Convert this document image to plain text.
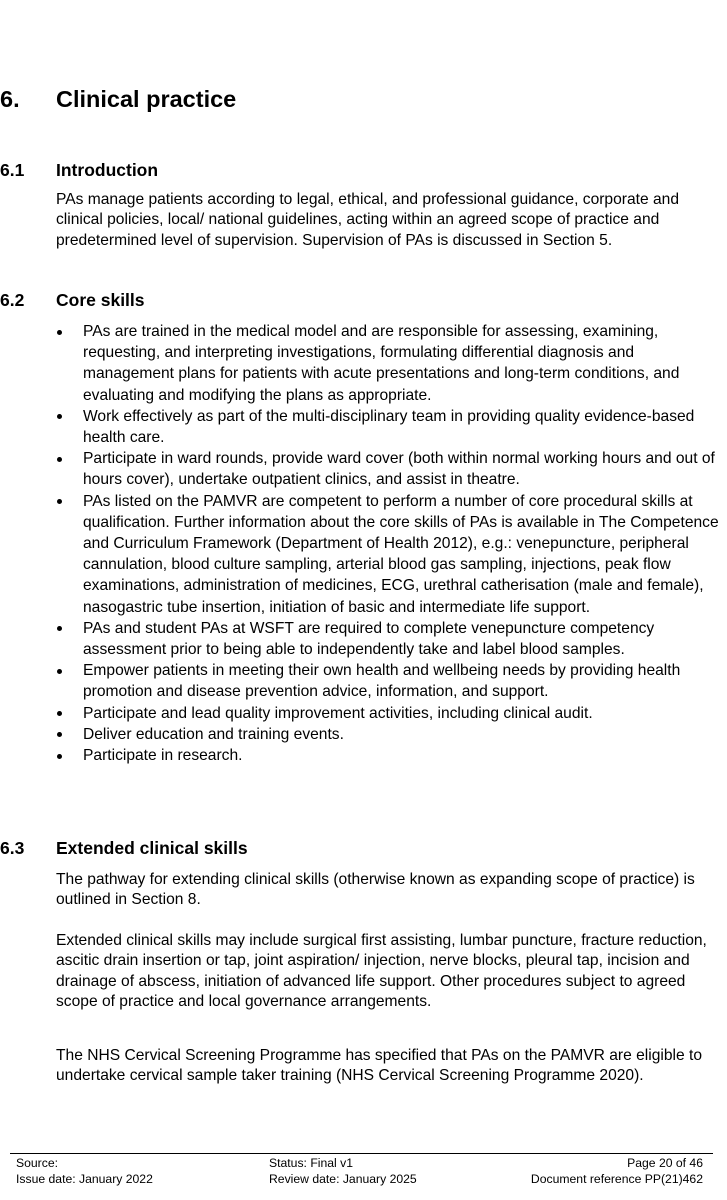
6. Clinical practice
6.1 Introduction

PAs manage patients according to legal, ethical, and professional guidance, corporate and clinical policies, local/ national guidelines, acting within an agreed scope of practice and predetermined level of supervision. Supervision of PAs is discussed in Section 5.

6.2 Core skills
PAs are trained in the medical model and are responsible for assessing, examining, requesting, and interpreting investigations, formulating differential diagnosis and management plans for patients with acute presentations and long-term conditions, and evaluating and modifying the plans as appropriate.
Work effectively as part of the multi-disciplinary team in providing quality evidence-based health care.
Participate in ward rounds, provide ward cover (both within normal working hours and out of hours cover), undertake outpatient clinics, and assist in theatre.
PAs listed on the PAMVR are competent to perform a number of core procedural skills at qualification. Further information about the core skills of PAs is available in The Competence and Curriculum Framework (Department of Health 2012), e.g.: venepuncture, peripheral cannulation, blood culture sampling, arterial blood gas sampling, injections, peak flow examinations, administration of medicines, ECG, urethral catherisation (male and female), nasogastric tube insertion, initiation of basic and intermediate life support.
PAs and student PAs at WSFT are required to complete venepuncture competency assessment prior to being able to independently take and label blood samples.
Empower patients in meeting their own health and wellbeing needs by providing health promotion and disease prevention advice, information, and support.
Participate and lead quality improvement activities, including clinical audit.
Deliver education and training events.
Participate in research.
6.3 Extended clinical skills

The pathway for extending clinical skills (otherwise known as expanding scope of practice) is outlined in Section 8.

Extended clinical skills may include surgical first assisting, lumbar puncture, fracture reduction, ascitic drain insertion or tap, joint aspiration/ injection, nerve blocks, pleural tap, incision and drainage of abscess, initiation of advanced life support. Other procedures subject to agreed scope of practice and local governance arrangements.

The NHS Cervical Screening Programme has specified that PAs on the PAMVR are eligible to undertake cervical sample taker training (NHS Cervical Screening Programme 2020).

Source:
Issue date: January 2022
Status: Final v1
Review date: January 2025
Page 20 of 46
Document reference PP(21)462
